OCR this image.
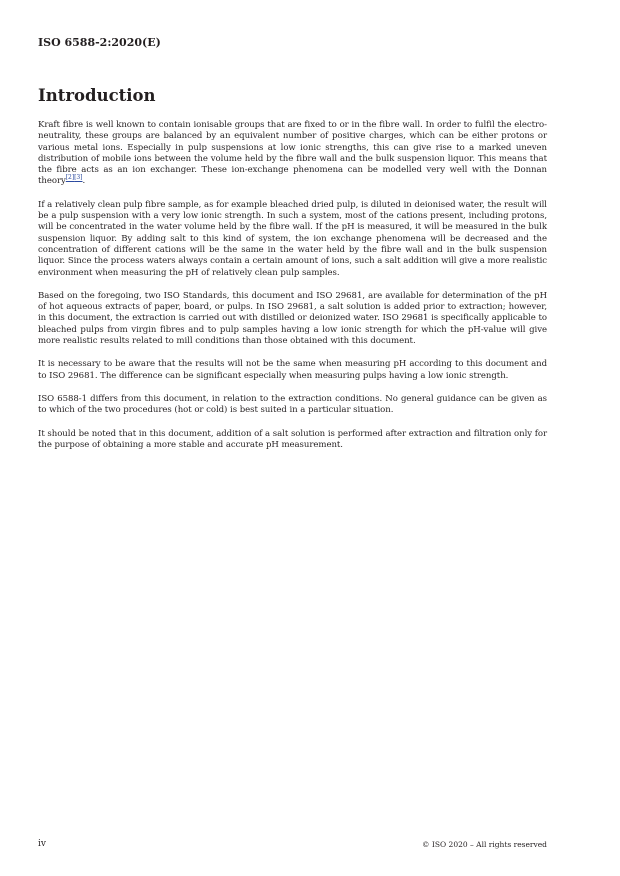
ISO 6588-2:2020(E)
Introduction

Kraft fibre is well known to contain ionisable groups that are fixed to or in the fibre wall. In order to fulfil the electro-neutrality, these groups are balanced by an equivalent number of positive charges, which can be either protons or various metal ions. Especially in pulp suspensions at low ionic strengths, this can give rise to a marked uneven distribution of mobile ions between the volume held by the fibre wall and the bulk suspension liquor. This means that the fibre acts as an ion exchanger. These ion-exchange phenomena can be modelled very well with the Donnan theory[2][3].

If a relatively clean pulp fibre sample, as for example bleached dried pulp, is diluted in deionised water, the result will be a pulp suspension with a very low ionic strength. In such a system, most of the cations present, including protons, will be concentrated in the water volume held by the fibre wall. If the pH is measured, it will be measured in the bulk suspension liquor. By adding salt to this kind of system, the ion exchange phenomena will be decreased and the concentration of different cations will be the same in the water held by the fibre wall and in the bulk suspension liquor. Since the process waters always contain a certain amount of ions, such a salt addition will give a more realistic environment when measuring the pH of relatively clean pulp samples.

Based on the foregoing, two ISO Standards, this document and ISO 29681, are available for determination of the pH of hot aqueous extracts of paper, board, or pulps. In ISO 29681, a salt solution is added prior to extraction; however, in this document, the extraction is carried out with distilled or deionized water. ISO 29681 is specifically applicable to bleached pulps from virgin fibres and to pulp samples having a low ionic strength for which the pH-value will give more realistic results related to mill conditions than those obtained with this document.

It is necessary to be aware that the results will not be the same when measuring pH according to this document and to ISO 29681. The difference can be significant especially when measuring pulps having a low ionic strength.

ISO 6588-1 differs from this document, in relation to the extraction conditions. No general guidance can be given as to which of the two procedures (hot or cold) is best suited in a particular situation.

It should be noted that in this document, addition of a salt solution is performed after extraction and filtration only for the purpose of obtaining a more stable and accurate pH measurement.

iv	© ISO 2020 – All rights reserved
